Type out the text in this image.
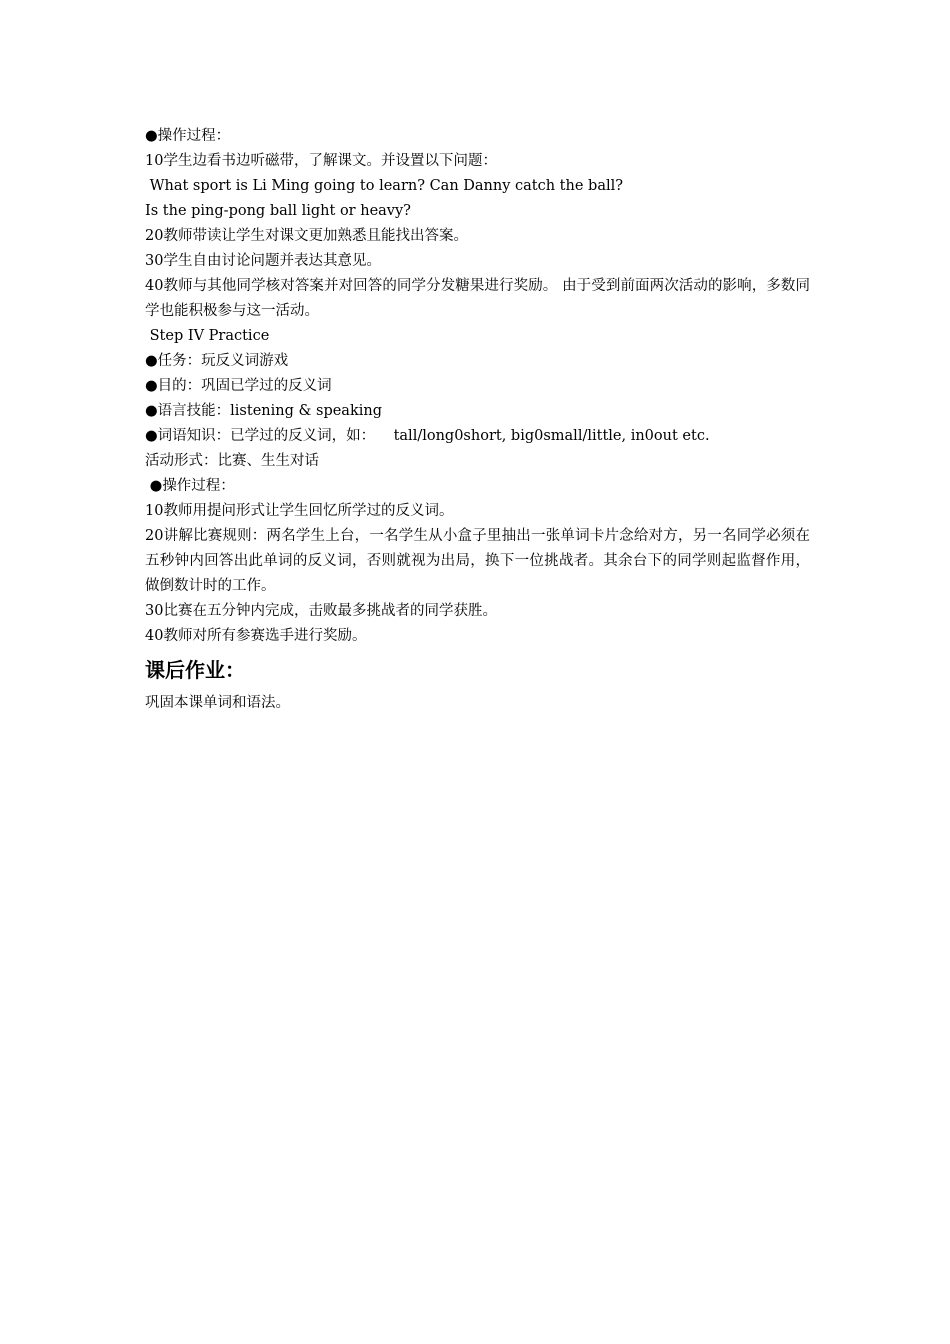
●操作过程：
10学生边看书边听磁带，了解课文。并设置以下问题：
What sport is Li Ming going to learn? Can Danny catch the ball?
Is the ping-pong ball light or heavy?
20教师带读让学生对课文更加熟悉且能找出答案。
30学生自由讨论问题并表达其意见。
40教师与其他同学核对答案并对回答的同学分发糖果进行奖励。 由于受到前面两次活动的影响，多数同学也能积极参与这一活动。
Step IV Practice
●任务：玩反义词游戏
●目的：巩固已学过的反义词
●语言技能：listening & speaking
●词语知识：已学过的反义词，如：    tall/long0short, big0small/little, in0out etc.
活动形式：比赛、生生对话
●操作过程：
10教师用提问形式让学生回忆所学过的反义词。
20讲解比赛规则：两名学生上台，一名学生从小盒子里抽出一张单词卡片念给对方，另一名同学必须在五秒钟内回答出此单词的反义词，否则就视为出局，换下一位挑战者。其余台下的同学则起监督作用，做倒数计时的工作。
30比赛在五分钟内完成，击败最多挑战者的同学获胜。
40教师对所有参赛选手进行奖励。
课后作业：
巩固本课单词和语法。
